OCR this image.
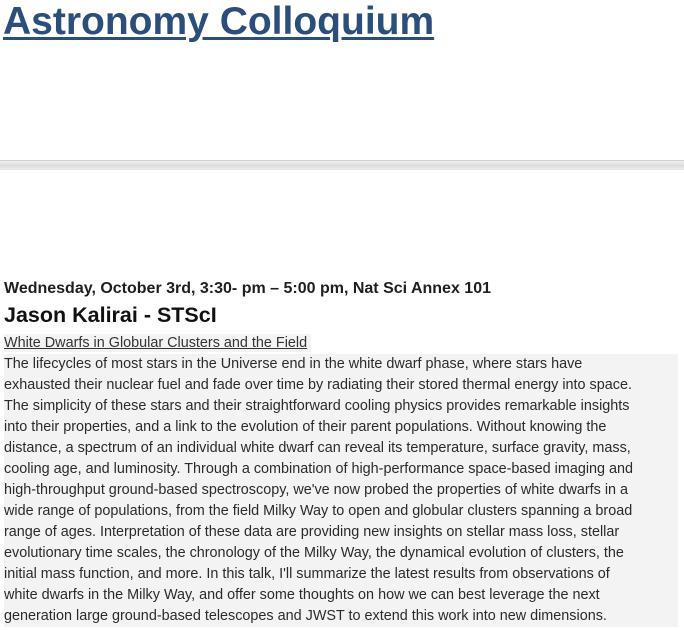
Astronomy Colloquium
Wednesday, October 3rd, 3:30- pm – 5:00 pm, Nat Sci Annex 101
Jason Kalirai - STScI
White Dwarfs in Globular Clusters and the Field
The lifecycles of most stars in the Universe end in the white dwarf phase, where stars have
exhausted their nuclear fuel and fade over time by radiating their stored thermal energy into space.
The simplicity of these stars and their straightforward cooling physics provides remarkable insights
into their properties, and a link to the evolution of their parent populations. Without knowing the
distance, a spectrum of an individual white dwarf can reveal its temperature, surface gravity, mass,
cooling age, and luminosity. Through a combination of high-performance space-based imaging and
high-throughput ground-based spectroscopy, we've now probed the properties of white dwarfs in a
wide range of populations, from the field Milky Way to open and globular clusters spanning a broad
range of ages. Interpretation of these data are providing new insights on stellar mass loss, stellar
evolutionary time scales, the chronology of the Milky Way, the dynamical evolution of clusters, the
initial mass function, and more. In this talk, I'll summarize the latest results from observations of
white dwarfs in the Milky Way, and offer some thoughts on how we can best leverage the next
generation large ground-based telescopes and JWST to extend this work into new dimensions.
